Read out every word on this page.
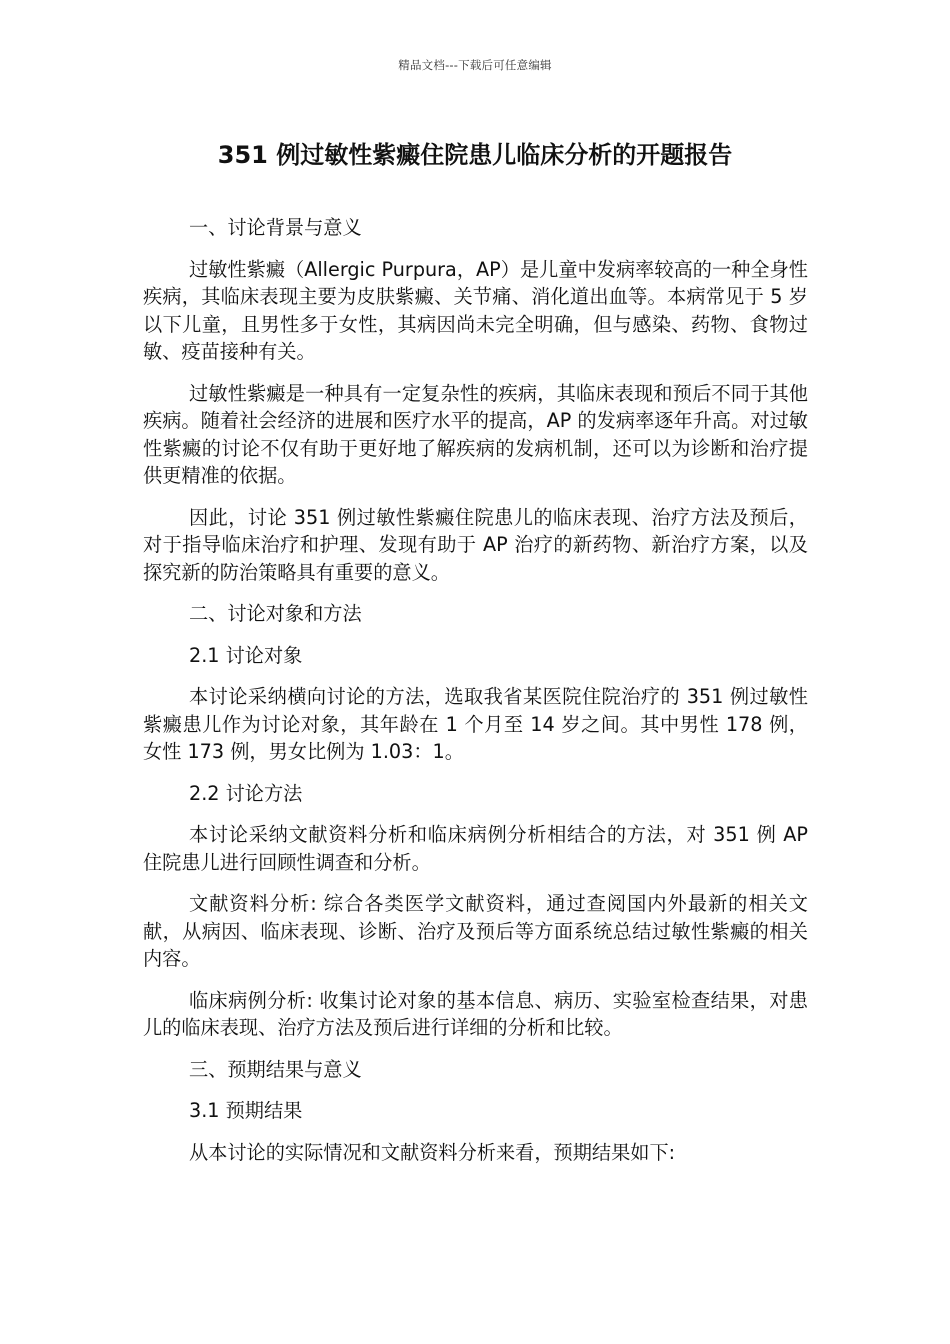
精品文档---下载后可任意编辑
351 例过敏性紫癜住院患儿临床分析的开题报告

一、讨论背景与意义

过敏性紫癜（Allergic Purpura，AP）是儿童中发病率较高的一种全身性疾病，其临床表现主要为皮肤紫癜、关节痛、消化道出血等。本病常见于 5 岁以下儿童，且男性多于女性，其病因尚未完全明确，但与感染、药物、食物过敏、疫苗接种有关。

过敏性紫癜是一种具有一定复杂性的疾病，其临床表现和预后不同于其他疾病。随着社会经济的进展和医疗水平的提高，AP 的发病率逐年升高。对过敏性紫癜的讨论不仅有助于更好地了解疾病的发病机制，还可以为诊断和治疗提供更精准的依据。

因此，讨论 351 例过敏性紫癜住院患儿的临床表现、治疗方法及预后，对于指导临床治疗和护理、发现有助于 AP 治疗的新药物、新治疗方案，以及探究新的防治策略具有重要的意义。

二、讨论对象和方法

2.1 讨论对象

本讨论采纳横向讨论的方法，选取我省某医院住院治疗的 351 例过敏性紫癜患儿作为讨论对象，其年龄在 1 个月至 14 岁之间。其中男性 178 例，女性 173 例，男女比例为 1.03：1。

2.2 讨论方法

本讨论采纳文献资料分析和临床病例分析相结合的方法，对 351 例 AP 住院患儿进行回顾性调查和分析。

文献资料分析: 综合各类医学文献资料，通过查阅国内外最新的相关文献，从病因、临床表现、诊断、治疗及预后等方面系统总结过敏性紫癜的相关内容。

临床病例分析: 收集讨论对象的基本信息、病历、实验室检查结果，对患儿的临床表现、治疗方法及预后进行详细的分析和比较。

三、预期结果与意义

3.1 预期结果

从本讨论的实际情况和文献资料分析来看，预期结果如下:
